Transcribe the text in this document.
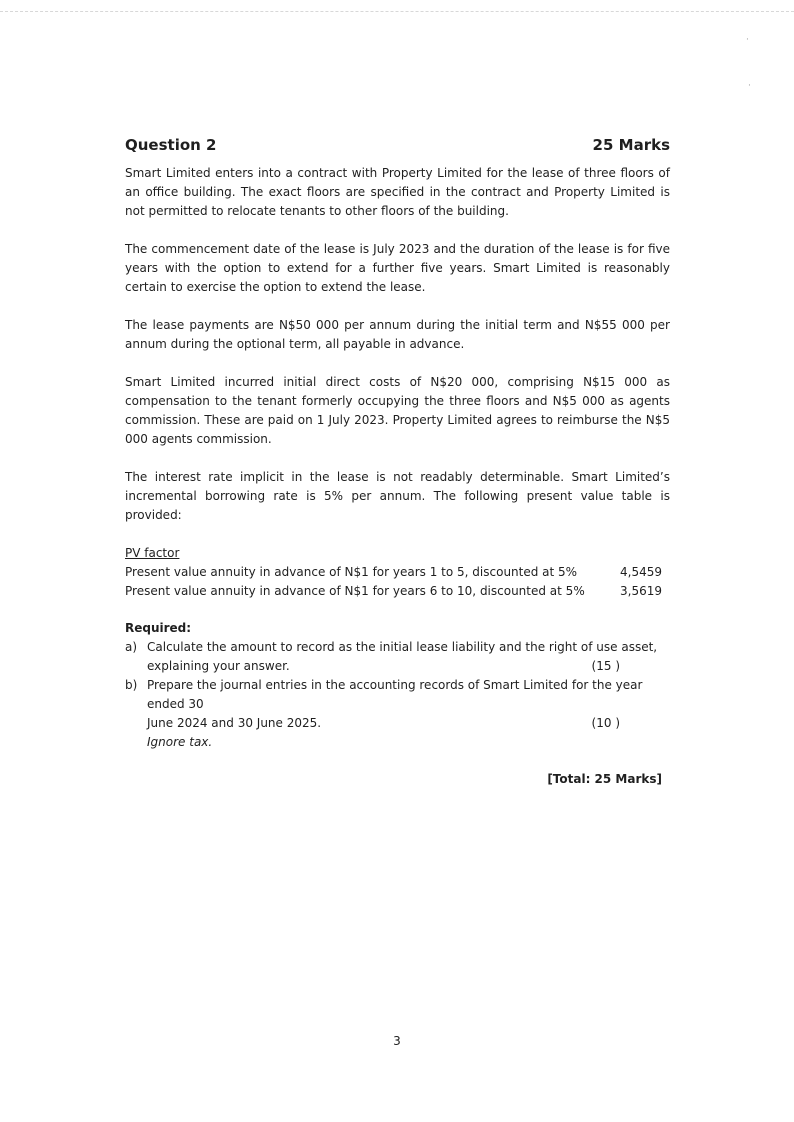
·
·
Question 2	25 Marks

Smart Limited enters into a contract with Property Limited for the lease of three floors of an office building. The exact floors are specified in the contract and Property Limited is not permitted to relocate tenants to other floors of the building.

The commencement date of the lease is July 2023 and the duration of the lease is for five years with the option to extend for a further five years. Smart Limited is reasonably certain to exercise the option to extend the lease.

The lease payments are N$50 000 per annum during the initial term and N$55 000 per annum during the optional term, all payable in advance.

Smart Limited incurred initial direct costs of N$20 000, comprising N$15 000 as compensation to the tenant formerly occupying the three floors and N$5 000 as agents commission. These are paid on 1 July 2023. Property Limited agrees to reimburse the N$5 000 agents commission.

The interest rate implicit in the lease is not readably determinable. Smart Limited’s incremental borrowing rate is 5% per annum. The following present value table is provided:

PV factor
Present value annuity in advance of N$1 for years 1 to 5, discounted at 5%	4,5459
Present value annuity in advance of N$1 for years 6 to 10, discounted at 5%	3,5619
Required:
a) Calculate the amount to record as the initial lease liability and the right of use asset,
explaining your answer.	(15 )
b) Prepare the journal entries in the accounting records of Smart Limited for the year ended 30
June 2024 and 30 June 2025.	(10 )
Ignore tax.
[Total: 25 Marks]
3
